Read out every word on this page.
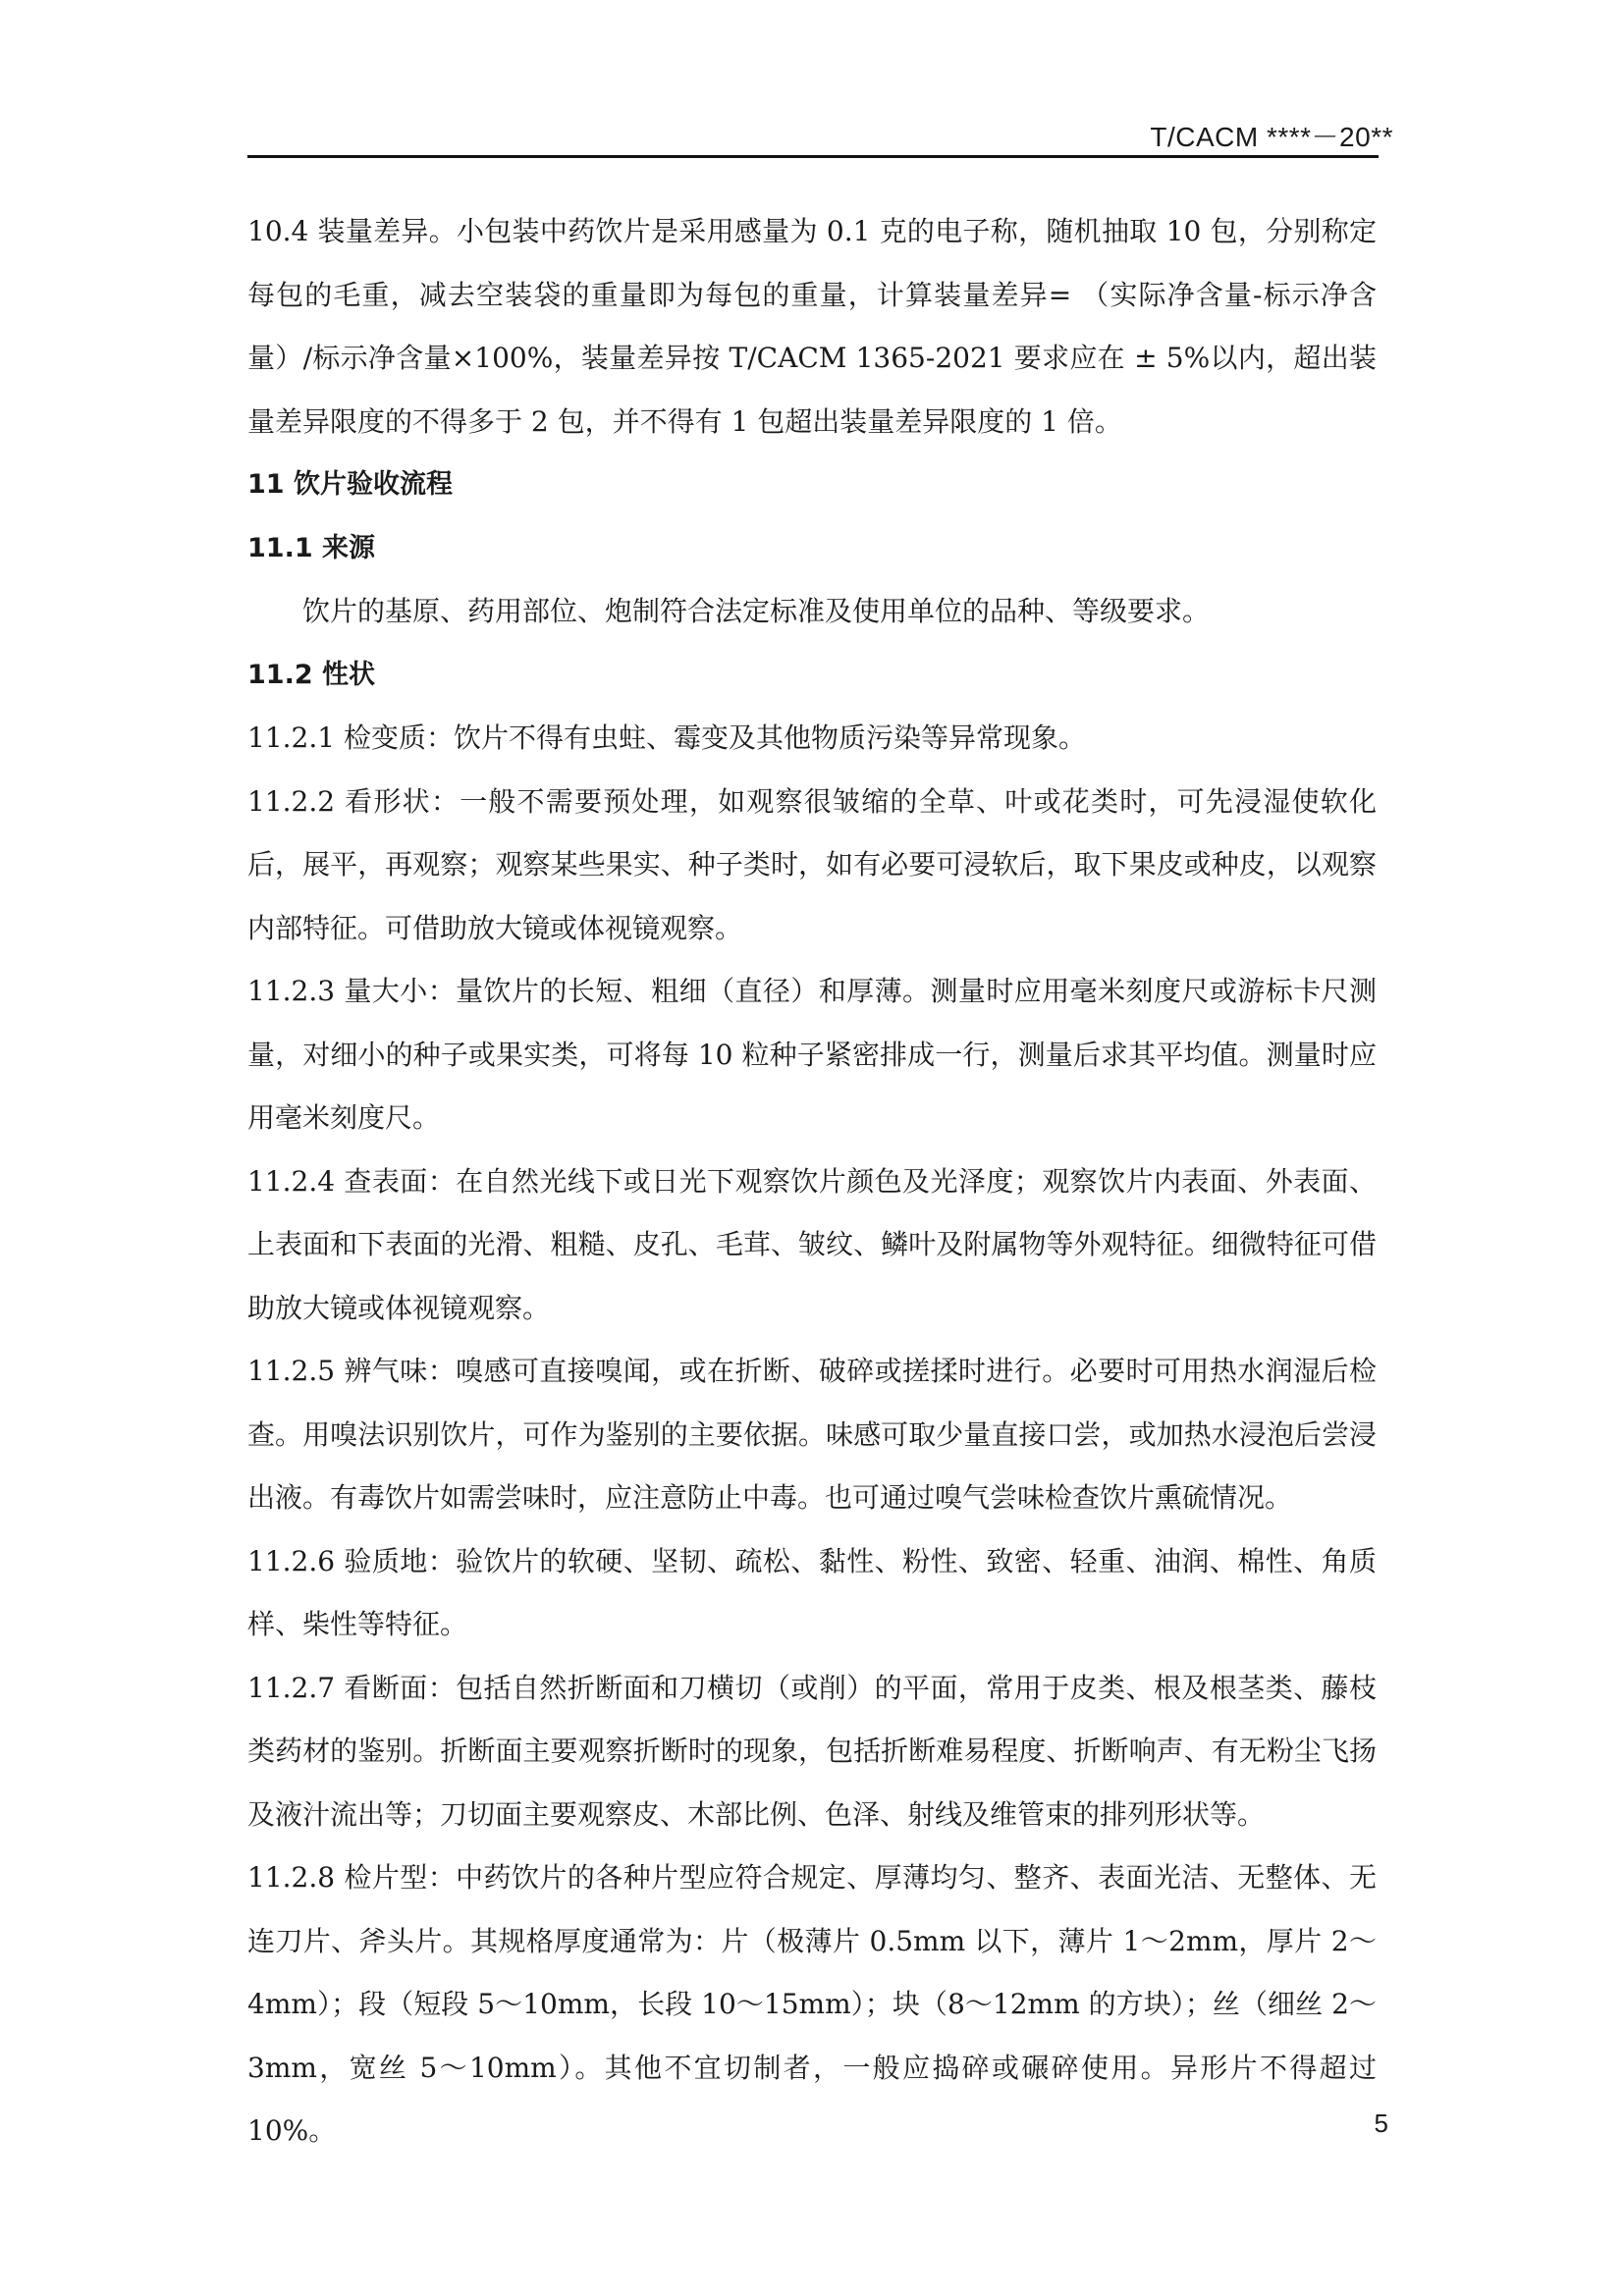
T/CACM ****－20**

10.4 装量差异。小包装中药饮片是采用感量为 0.1 克的电子称，随机抽取 10 包，分别称定每包的毛重，减去空装袋的重量即为每包的重量，计算装量差异= （实际净含量-标示净含量）/标示净含量×100%，装量差异按 T/CACM 1365-2021 要求应在 ± 5%以内，超出装量差异限度的不得多于 2 包，并不得有 1 包超出装量差异限度的 1 倍。

11 饮片验收流程

11.1 来源

饮片的基原、药用部位、炮制符合法定标准及使用单位的品种、等级要求。

11.2 性状

11.2.1 检变质：饮片不得有虫蛀、霉变及其他物质污染等异常现象。

11.2.2 看形状：一般不需要预处理，如观察很皱缩的全草、叶或花类时，可先浸湿使软化后，展平，再观察；观察某些果实、种子类时，如有必要可浸软后，取下果皮或种皮，以观察内部特征。可借助放大镜或体视镜观察。

11.2.3 量大小：量饮片的长短、粗细（直径）和厚薄。测量时应用毫米刻度尺或游标卡尺测量，对细小的种子或果实类，可将每 10 粒种子紧密排成一行，测量后求其平均值。测量时应用毫米刻度尺。

11.2.4 查表面：在自然光线下或日光下观察饮片颜色及光泽度；观察饮片内表面、外表面、上表面和下表面的光滑、粗糙、皮孔、毛茸、皱纹、鳞叶及附属物等外观特征。细微特征可借助放大镜或体视镜观察。

11.2.5 辨气味：嗅感可直接嗅闻，或在折断、破碎或搓揉时进行。必要时可用热水润湿后检查。用嗅法识别饮片，可作为鉴别的主要依据。味感可取少量直接口尝，或加热水浸泡后尝浸出液。有毒饮片如需尝味时，应注意防止中毒。也可通过嗅气尝味检查饮片熏硫情况。

11.2.6 验质地：验饮片的软硬、坚韧、疏松、黏性、粉性、致密、轻重、油润、棉性、角质样、柴性等特征。

11.2.7 看断面：包括自然折断面和刀横切（或削）的平面，常用于皮类、根及根茎类、藤枝类药材的鉴别。折断面主要观察折断时的现象，包括折断难易程度、折断响声、有无粉尘飞扬及液汁流出等；刀切面主要观察皮、木部比例、色泽、射线及维管束的排列形状等。

11.2.8 检片型：中药饮片的各种片型应符合规定、厚薄均匀、整齐、表面光洁、无整体、无连刀片、斧头片。其规格厚度通常为：片（极薄片 0.5mm 以下，薄片 1～2mm，厚片 2～4mm）；段（短段 5～10mm，长段 10～15mm）；块（8～12mm 的方块）；丝（细丝 2～3mm，宽丝 5～10mm）。其他不宜切制者，一般应捣碎或碾碎使用。异形片不得超过 10%。	5
